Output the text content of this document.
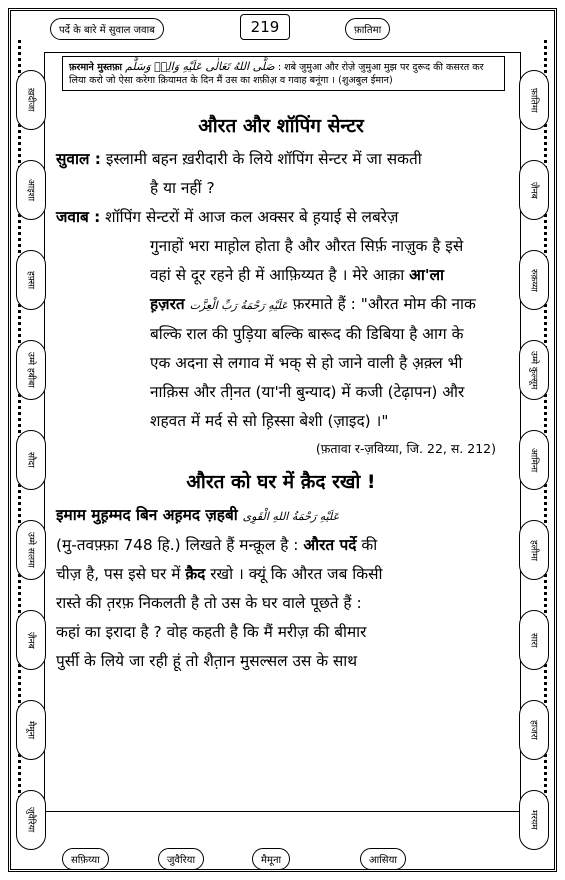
पर्दे के बारे में सुवाल जवाब	219	फ़ातिमा
ख़दीजा
आइशा
हफ़्सा
उम्मे हबीबा
सौदा
उम्मे सलमा
ज़ैनब
मैमूना
ज़ुवैरिया
फ़ातिमा
ज़ैनब
रुक़य्या
उम्मे कुल्सूम
आमिना
हलीमा
सारा
हाजरा
मरयम
सफ़िय्या	जुवैरिया	मैमूना	आसिया
फ़रमाने मुस्तफ़ा صَلَّى اللهُ تَعَالٰى عَلَيْهِ وَالِهٖ وَسَلَّم : शबे जुमुआ और रोज़े जुमुआ मुझ पर दुरूद की कसरत कर लिया करो जो ऐसा करेगा क़ियामत के दिन मैं उस का शफ़ीअ़ व गवाह बनूंगा । (शुअबुल ईमान)
औरत और शॉपिंग सेन्टर
सुवाल : इस्लामी बहन ख़रीदारी के लिये शॉपिंग सेन्टर में जा सकती
है या नहीं ?
जवाब : शॉपिंग सेन्टरों में आज कल अक्सर बे ह़याई से लबरेज़
गुनाहों भरा माह़ोल होता है और औरत सिर्फ़ नाज़ुक है इसे
वहां से दूर रहने ही में आफ़िय्यत है । मेरे आक़ा आ'ला
ह़ज़रत عَلَيْهِ رَحْمَةُ رَبِّ الْعِزَّت फ़रमाते हैं : "औरत मोम की नाक
बल्कि राल की पुड़िया बल्कि बारूद की डिबिया है आग के
एक अदना से लगाव में भक् से हो जाने वाली है अ़क़्ल भी
नाक़िस और ती़नत (या'नी बुन्याद) में कजी (टेढ़ापन) और
शहवत में मर्द से सो ह़िस्सा बेशी (ज़ाइद) ।"
(फ़तावा र-ज़विय्या, जि. 22, स. 212)
औरत को घर में क़ैद रखो !
इमाम मुह़म्मद बिन अह़मद ज़हबी عَلَيْهِ رَحْمَةُ اللهِ الْقَوِى
(मु-तवफ़्फ़ा 748 हि.) लिखते हैं मन्क़ूल है : औरत पर्दे की
चीज़ है, पस इसे घर में क़ैद रखो । क्यूं कि औरत जब किसी
रास्ते की त़रफ़ निकलती है तो उस के घर वाले पूछते हैं :
कहां का इरादा है ? वोह कहती है कि मैं मरीज़ की बीमार
पुर्सी के लिये जा रही हूं तो शैत़ान मुसल्सल उस के साथ
